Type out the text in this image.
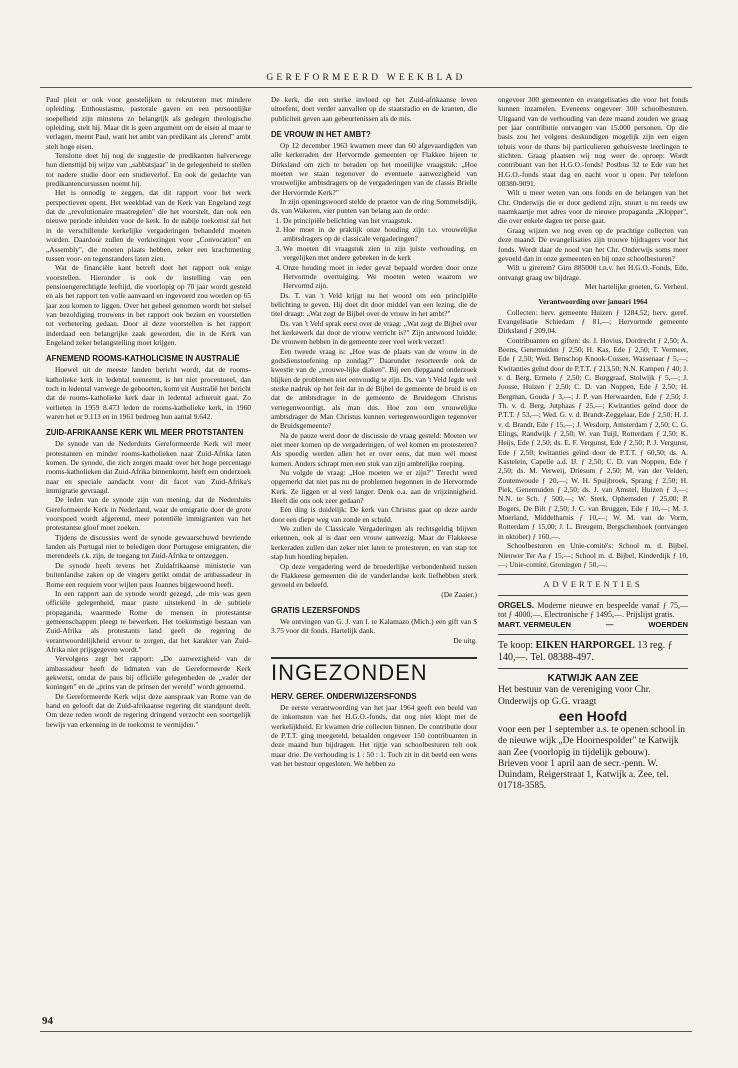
GEREFORMEERD WEEKBLAD

Paul pleit er ook voor geestelijken te rekruteren met mindere opleiding. Enthousiasme, pastorale gaven en een persoonlijke soepelheid zijn minstens zo belangrijk als gedegen theologische opleiding, stelt hij. Maar dit is geen argument om de eisen al maar te verlagen, meent Paul, want het ambt van predikant als „lerend" ambt stelt hoge eisen.

Tenslotte doet hij nog de suggestie de predikanten halverwege hun diensttijd bij wijze van „sabbatsjaar" in de gelegenheid te stellen tot nadere studie door een studieverlof. En ook de gedachte van predikantencursussen noemt hij.

Het is onnodig te zeggen, dat dit rapport voor het werk perspectieven opent. Het weekblad van de Kerk van Engeland zegt dat de „revolutionaire maatregelen" die het voorstelt, dan ook een nieuwe periode inluiden voor de kerk. In de nabije toekomst zal het in de verschillende kerkelijke vergaderingen behandeld moeten worden. Daardoor zullen de verkiezingen voor „Convocation" en „Assembly", die moeten plaats hebben, zeker een krachtmeting tussen voor- en tegenstanders laten zien.

Wat de financiële kant betreft doet het rapport ook enige voorstellen. Hieronder is ook de instelling van een pensioengerechtigde leeftijd, die voorlopig op 70 jaar wordt gesteld en als het rapport ten volle aanvaard en ingevoerd zou worden op 65 jaar zou komen te liggen. Over het geheel genomen wordt het stelsel van bezoldiging trouwens in het rapport ook bezien en voorstellen tot verbetering gedaan. Door al deze voorstellen is het rapport inderdaad een belangrijke zaak geworden, die in de Kerk van Engeland zeker belangstelling moet krijgen.

AFNEMEND ROOMS-KATHOLICISME IN AUSTRALIË

Hoewel uit de meeste landen bericht wordt, dat de rooms-katholieke kerk in ledental toeneemt, is het niet procentueel, dan toch in ledental vanwege de geboorten, komt uit Australië het bericht dat de rooms-katholieke kerk daar in ledental achteruit gaat. Zo verlieten in 1959 8.473 leden de rooms-katholieke kerk, in 1960 waren het er 9.113 en in 1961 bedroeg hun aantal 9.642.

ZUID-AFRIKAANSE KERK WIL MEER PROTSTANTEN

De synode van de Nederduits Gereformeerde Kerk wil meer protestanten en minder rooms-katholieken naar Zuid-Afrika laten komen. De synode, die zich zorgen maakt over het hoge percentage rooms-katholieken dat Zuid-Afrika binnenkomt, heeft een onderzoek naar en speciale aandacht voor dit facet van Zuid-Afrika's immigratie gevraagd.

De leden van de synode zijn van mening, dat de Nederduits Gereformeerde Kerk in Nederland, waar de emigratie door de grote voorspoed wordt afgeremd, meer potentiële immigranten van het protestantse gloof moet zoeken.

Tijdens de discussies werd de synode gewaarschuwd bevriende landen als Portugal niet te beledigen door Portugese emigranten, die merendeels r.k. zijn, de toegang tot Zuid-Afrika te ontzeggen.

De synode heeft tevens het Zuidafrikaanse ministerie van buitenlandse zaken op de vingers getikt omdat de ambassadeur in Rome een requiem voor wijlen paus Joannes bijgewoond heeft.

In een rapport aan de synode wordt gezegd, „de mis was geen officiële gelegenheid, maar paste uitstekend in de subtiele propaganda, waarmede Rome de mensen in protestantse gemeenschappen pleegt te bewerken. Het toekomstige bestaan van Zuid-Afrika als protestants land geeft de regering de verantwoordelijkheid ervoor te zorgen, dat het karakter van Zuid-Afrika niet prijsgegeven wordt."

Vervolgens zegt het rapport: „De aanwezigheid van de ambassadeur heeft de lidmaten van de Gereformeerde Kerk gekwetst, omdat de paus bij officiële gelegenheden de „vader der koningen" en de „prins van de prinsen der wereld" wordt genoemd.

De Gereformeerde Kerk wijst deze aanspraak van Rome van de hand en gelooft dat de Zuid-afrikaanse regering dit standpunt deelt. Om deze reden wordt de regering dringend verzocht een soortgelijk bewijs van erkenning in de toekomst te vermijden."

De kerk, die een sterke invloed op het Zuid-afrikaanse leven uitoefent, doet verder aanvallen op de staatsradio en de kranten, die publiciteit geven aan gebeurtenissen als de mis.

DE VROUW IN HET AMBT?

Op 12 december 1963 kwamen meer dan 60 afgevaardigden van alle kerkeraden der Hervormde gemeenten op Flakkee bijeen te Dirksland om zich te beraden op het moeilijke vraagstuk: „Hoe moeten we staan tegenover de eventuele aanwezigheid van vrouwelijke ambtsdragers op de vergaderingen van de classis Brielle der Hervormde Kerk?"

In zijn openingswoord stelde de praetor van de ring Sommelsdijk, ds. van Wakeren, vier punten van belang aan de orde:

1. De principiële belichting van het vraagstuk.
2. Hoe moet in de praktijk onze houding zijn t.o. vrouwelijke ambtsdragers op de classicale vergaderingen?
3. We moeten dit vraagstuk zien in zijn juiste verhouding, en vergelijken met andere gebreken in de kerk
4. Onze houding moet in ieder geval bepaald worden door onze Hervormde overtuiging. We moeten weten waarom we Hervormd zijn.

Ds. T. van 't Veld krijgt nu het woord om een principiële belichting te geven. Hij doet dit door middel van een lezing, die de titel draagt: „Wat zegt de Bijbel over de vrouw in het ambt?"

Ds. van 't Veld sprak eerst over de vraag: „Wat zegt de Bijbel over het kerkewerk dat door de vrouw verricht is?" Zijn antwoord luidde: De vrouwen hebben in de gemeente zeer veel werk verzet!

Een tweede vraag is: „Hoe was de plaats van de vrouw in de godsdienstoefening op zondag?" Daaronder resorteerde ook de kwestie van de „vrouwe-lijke diaken". Bij een diepgaand onderzoek blijken de problemen niet eenvoudig te zijn. Ds. van 't Veld legde wel sterke nadruk op het feit dat in de Bijbel de gemeente de bruid is en dat de ambtsdrager in de gemeente de Bruidegom Christus vertegenwoordigt, als man dus. Hoe zou een vrouwelijke ambtsdrager de Man Christus kunnen vertegenwoordigen tegenover de Bruidsgemeente?

Na de pauze werd door de discussie de vraag gesteld: Moeten we niet meer komen op de vergaderingen, of wel komen en protesteren? Als spoedig werden allen het er over eens, dat men wél moest komen. Anders schrapt men een stuk van zijn ambtelijke roeping.

Nu volgde de vraag: „Hoe moeten we er zijn?" Terecht werd opgemerkt dat niet pas nu de problemen begonnen in de Hervormde Kerk. Ze liggen er al veel langer. Denk o.a. aan de vrijzinnigheid. Heeft die ons ook zeer gedaan?

Eén ding is duidelijk: De kerk van Christus gaat op deze aarde door een diepe weg van zonde en schuld.

We zullen de Classicale Vergaderingen als rechtsgeldig blijven erkennen, ook al is daar een vrouw aanwezig. Maar de Flakkeese kerkeraden zullen dan zeker niet laten te protesteren, en van stap tot stap hun houding bepalen.

Op deze vergadering werd de broederlijke verbondenheid tussen de Flakkeese gemeenten die de vanderlandse kerk liefhebben sterk gevoeld en beleefd.

(De Zaaier.)

GRATIS LEZERSFONDS

We ontvingen van G. J. van I. te Kalamazo (Mich.) een gift van $ 3.75 voor dit fonds. Hartelijk dank.

De uitg.

INGEZONDEN
HERV. GEREF. ONDERWIJZERSFONDS

De eerste verantwoording van het jaar 1964 geeft een beeld van de inkomsten van het H.G.O.-fonds, dat nog niet klopt met de werkelijkheid. Er kwamen drie collecten binnen. De contributie door de P.T.T. ging meegeteld, betaalden ongeveer 150 contribuanten in deze maand hun bijdragen. Het rijtje van schoolbesturen telt ook maar drie. De verhouding is 1 : 50 : 1. Toch zit in dit beeld een wens van het bestuur opgesloten. We hebben zo

ongeveer 300 gemeenten en evangelisaties die voor het fonds kunnen inzamelen. Eveneens ongeveer 300 schoolbesturen. Uitgaand van de verhouding van deze maand zouden we graag per jaar contributie ontvangen van 15.000 personen. Op die basis zou het volgens deskundigen mogelijk zijn een eigen tehuis voor de thans bij particulieren gehuisveste leerlingen te stichten. Graag plaatsen wij nog weer de oproep: Wordt contribuant van het H.G.O.-fonds! Postbus 32 te Ede van het H.G.O.-fonds staat dag en nacht voor u open. Per telefoon 08380-9091.

Wilt u meer weten van ons fonds en de belangen van het Chr. Onderwijs die er door gediend zijn, stuurt u nu reeds uw naamkaartje met adres voor de nieuwe propaganda „Klopper", die over enkele dagen ter perse gaat.

Graag wijzen we nog even op de prachtige collecten van deze maand. De evangelisaties zijn trouwe bijdragers voor het fonds. Wordt daar de nood van het Chr. Onderwijs soms meer gevoeld dan in onze gemeenten en bij onze schoolbesturen?

Wilt u girerem? Giro 885000 t.n.v. het H.G.O.-Fonds, Ede, ontvangt graag uw bijdrage.

Met hartelijke groeten, G. Verheul.

Verantwoording over januari 1964

Collecten: herv. gemeente Huizen ƒ 1284,52; herv. geref. Evangelisatie Schiedam ƒ 81,—; Hervormde gemeente Dirksland ƒ 209,04.

Contribuanten en giften: ds. J. Hovius, Dordrecht ƒ 2,50; A. Beens, Genemuiden ƒ 2,50; H. Kas, Ede ƒ 2,50; T. Vermeer, Ede ƒ 2,50; Wed. Benschop Knook-Cossee, Wassenaar ƒ 5,—; Kwitanties geïnd door de P.T.T. ƒ 213,50; N.N. Kampen ƒ 40; J. v. d. Berg, Ermelo ƒ 2,50; C. Burggraaf, Stolwijk ƒ 5,—; J. Joosse, Huizen ƒ 2,50; C. D. van Noppen, Ede ƒ 2,50; H. Bergman, Gouda ƒ 3,—; J. P. van Herwaarden, Ede ƒ 2,50; J. Th. v. d. Berg, Jutphaas ƒ 25,—; Kwitanties geïnd door de P.T.T. ƒ 53,—; Wed. G. v. d. Brandt-Zeggelaar, Ede ƒ 2,50; H. J. v. d. Brandt, Ede ƒ 15,—; J. Wesdorp, Amsterdam ƒ 2,50; C. G. Elings, Randwijk ƒ 2,50; W. van Tuijl, Rotterdam ƒ 2,50; K. Heijs, Ede ƒ 2,50; ds. E. F. Vergunst, Ede ƒ 2,50; P. J. Vergunst, Ede ƒ 2,50; kwitanties geïnd door de P.T.T. ƒ 60,50; ds. A. Kastelein, Capelle a.d. IJ. ƒ 2,50; C. D. van Noppen, Ede ƒ 2,50; ds. M. Verweij, Driesum ƒ 2,50; M. van der Velden, Zoutenwoude ƒ 20,—; W. H. Spuijbroek, Sprang ƒ 2,50; H. Piek, Genemuiden ƒ 2,50; ds. J. van Amstel, Huizen ƒ 3,—; N.N. te Sch. ƒ 500,—; W. Sterk, Ophemsden ƒ 25,00; P. Bogers, De Bilt ƒ 2,50; J. C. van Bruggen, Ede ƒ 10,—; M. J. Moerland, Middelharnis ƒ 10,—; W. M. van de Vorm, Rotterdam ƒ 15,00; J. L. Breugem, Bergschenhoek (ontvangen in oktober) ƒ 160,—.

Schoolbesturen en Unie-comité's: School m. d. Bijbel, Nieuwer Ter Aa ƒ 15,—; School m. d. Bijbel, Kinderdijk ƒ 10,—; Unie-comité, Groningen ƒ 50,—.

ADVERTENTIES
ORGELS. Moderne nieuwe en bespeelde vanaf ƒ 75,— tot ƒ 4000,—. Electronische ƒ 1495,—. Prijslijst gratis.
MART. VERMEULEN	—	WOERDEN
Te koop: EIKEN HARPORGEL 13 reg. ƒ 140,—. Tel. 08388-497.
KATWIJK AAN ZEE
Het bestuur van de vereniging voor Chr. Onderwijs op G.G. vraagt
een Hoofd
voor een per 1 september a.s. te openen school in de nieuwe wijk „De Hoornespolder" te Katwijk aan Zee (voorlopig in tijdelijk gebouw).
Brieven voor 1 april aan de secr.-penn. W. Duindam, Reigerstraat 1, Katwijk a. Zee, tel. 01718-3585.
94
